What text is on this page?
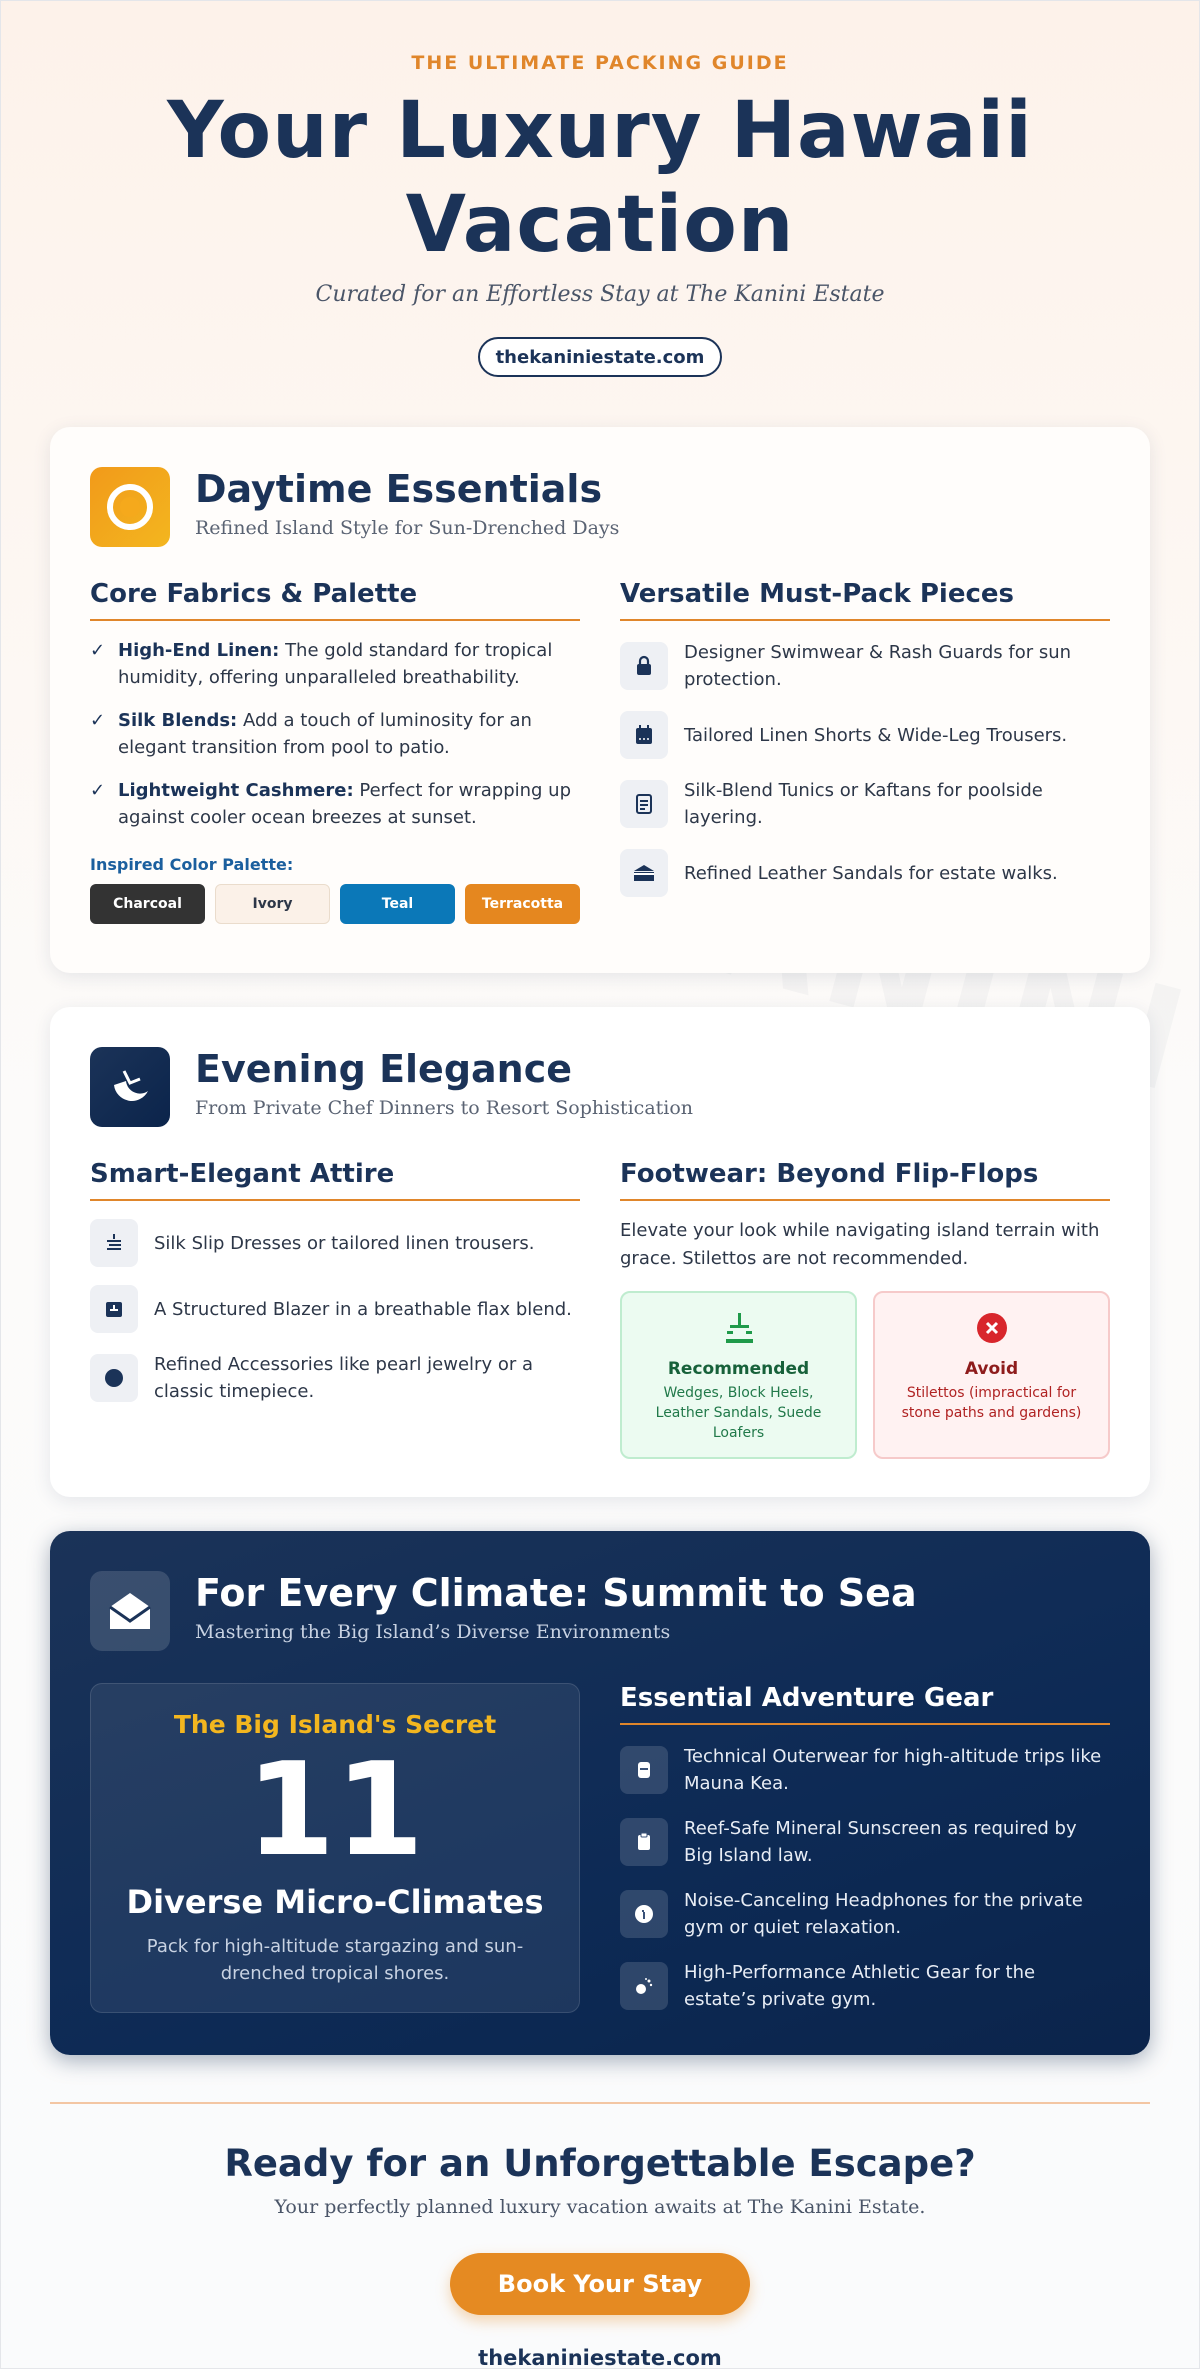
THE ULTIMATE PACKING GUIDE
Your Luxury Hawaii Vacation
Curated for an Effortless Stay at The Kanini Estate
thekaniniestate.com
Daytime Essentials
Refined Island Style for Sun-Drenched Days
Core Fabrics & Palette
✓ High-End Linen: The gold standard for tropical humidity, offering unparalleled breathability.
✓ Silk Blends: Add a touch of luminosity for an elegant transition from pool to patio.
✓ Lightweight Cashmere: Perfect for wrapping up against cooler ocean breezes at sunset.
Inspired Color Palette:
Charcoal	Ivory	Teal	Terracotta
Versatile Must-Pack Pieces
Designer Swimwear & Rash Guards for sun protection.
Tailored Linen Shorts & Wide-Leg Trousers.
Silk-Blend Tunics or Kaftans for poolside layering.
Refined Leather Sandals for estate walks.
Evening Elegance
From Private Chef Dinners to Resort Sophistication
Smart-Elegant Attire
Silk Slip Dresses or tailored linen trousers.
A Structured Blazer in a breathable flax blend.
Refined Accessories like pearl jewelry or a classic timepiece.
Footwear: Beyond Flip-Flops
Elevate your look while navigating island terrain with grace. Stilettos are not recommended.
Recommended
Wedges, Block Heels, Leather Sandals, Suede Loafers
Avoid
Stilettos (impractical for stone paths and gardens)
For Every Climate: Summit to Sea
Mastering the Big Island’s Diverse Environments
The Big Island's Secret
11
Diverse Micro-Climates
Pack for high-altitude stargazing and sun-drenched tropical shores.
Essential Adventure Gear
Technical Outerwear for high-altitude trips like Mauna Kea.
Reef-Safe Mineral Sunscreen as required by Big Island law.
Noise-Canceling Headphones for the private gym or quiet relaxation.
High-Performance Athletic Gear for the estate’s private gym.
Ready for an Unforgettable Escape?
Your perfectly planned luxury vacation awaits at The Kanini Estate.
Book Your Stay
thekaniniestate.com
